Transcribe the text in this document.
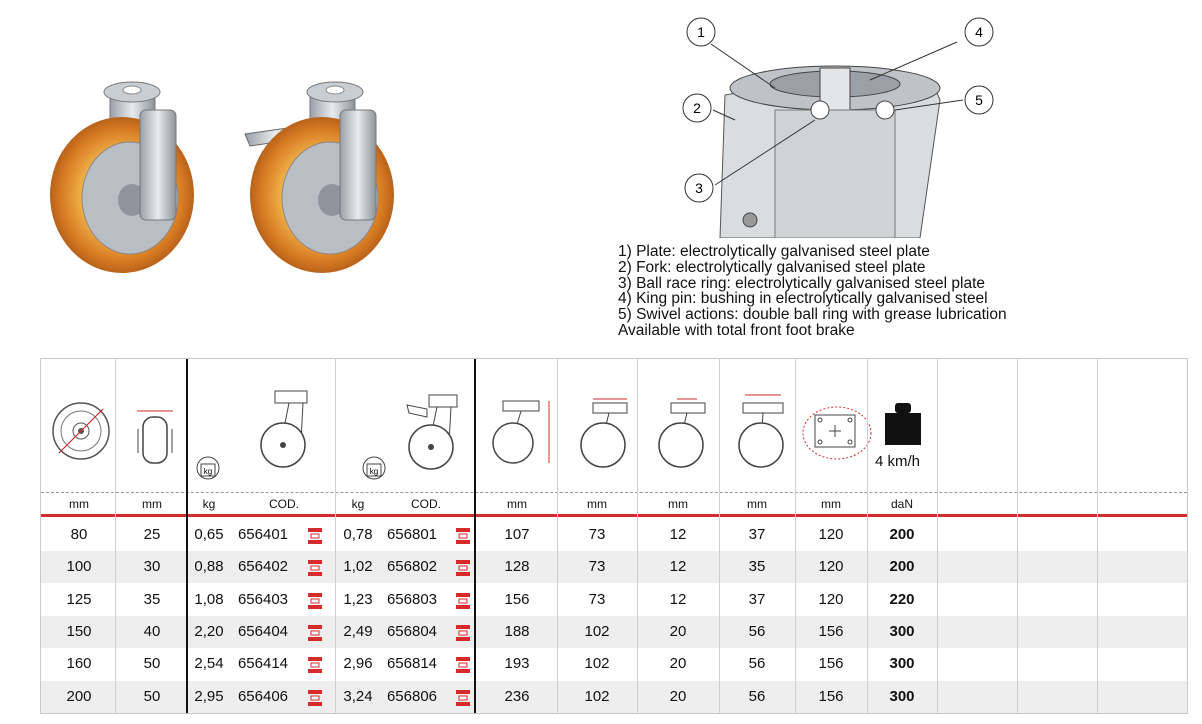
1
2
3
4
5
1) Plate: electrolytically galvanised steel plate
2) Fork: electrolytically galvanised steel plate
3) Ball race ring: electrolytically galvanised steel plate
4) King pin: bushing in electrolytically galvanised steel
5) Swivel actions: double ball ring with grease lubrication
Available with total front foot brake
kg	kg
4 km/h
mm	mm	kg	COD.	kg	COD.	mm	mm	mm	mm	mm	daN
80	25	0,65 656401	0,78 656801	107	73	12	37	120	200
100	30	0,88 656402	1,02 656802	128	73	12	35	120	200
125	35	1,08 656403	1,23 656803	156	73	12	37	120	220
150	40	2,20 656404	2,49 656804	188	102	20	56	156	300
160	50	2,54 656414	2,96 656814	193	102	20	56	156	300
200	50	2,95 656406	3,24 656806	236	102	20	56	156	300
